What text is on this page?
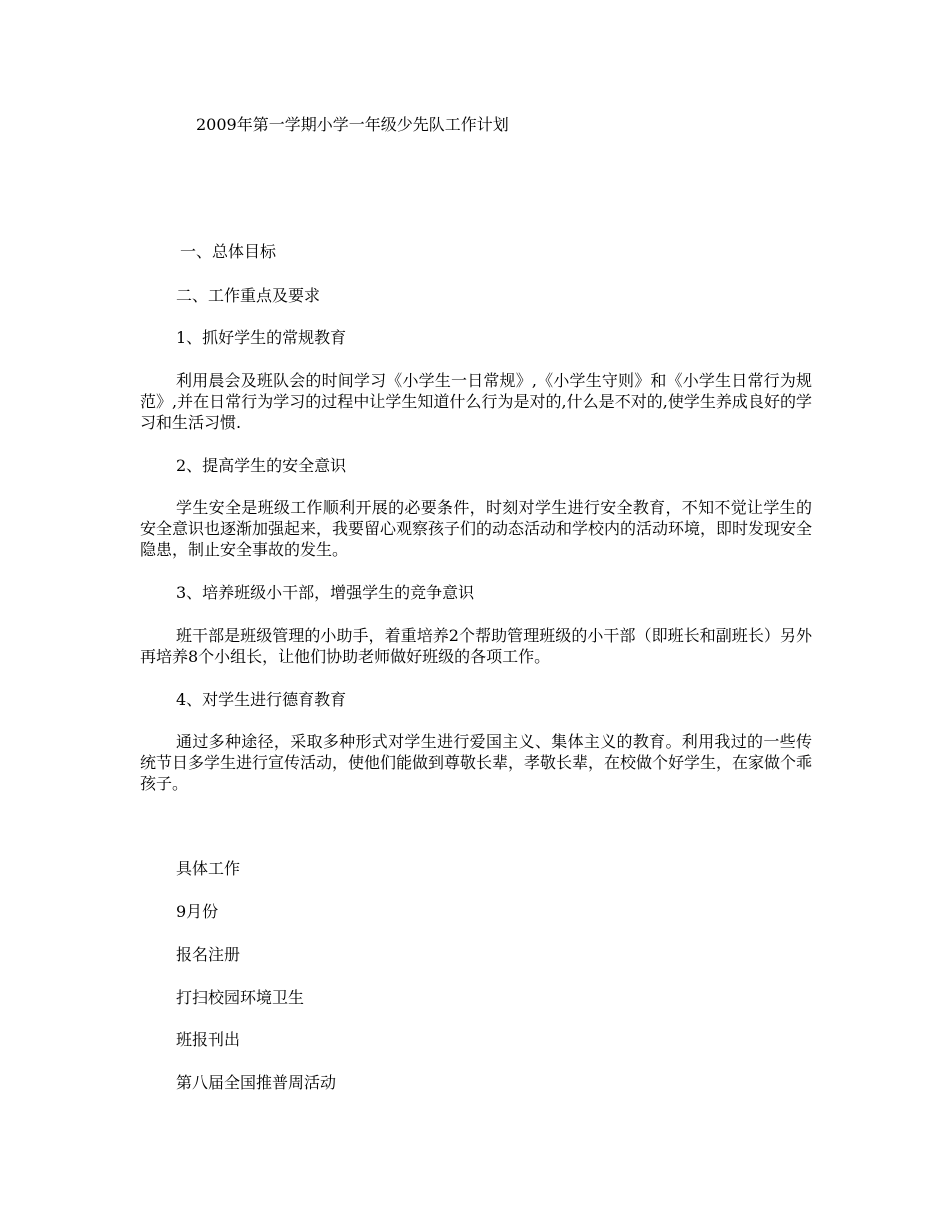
2009年第一学期小学一年级少先队工作计划
一、总体目标
二、工作重点及要求
1、抓好学生的常规教育
利用晨会及班队会的时间学习《小学生一日常规》,《小学生守则》和《小学生日常行为规范》,并在日常行为学习的过程中让学生知道什么行为是对的,什么是不对的,使学生养成良好的学习和生活习惯.
2、提高学生的安全意识
学生安全是班级工作顺利开展的必要条件，时刻对学生进行安全教育，不知不觉让学生的安全意识也逐渐加强起来，我要留心观察孩子们的动态活动和学校内的活动环境，即时发现安全隐患，制止安全事故的发生。
3、培养班级小干部，增强学生的竞争意识
班干部是班级管理的小助手，着重培养2个帮助管理班级的小干部（即班长和副班长）另外再培养8个小组长，让他们协助老师做好班级的各项工作。
4、对学生进行德育教育
通过多种途径，采取多种形式对学生进行爱国主义、集体主义的教育。利用我过的一些传统节日多学生进行宣传活动，使他们能做到尊敬长辈，孝敬长辈，在校做个好学生，在家做个乖孩子。
具体工作
9月份
报名注册
打扫校园环境卫生
班报刊出
第八届全国推普周活动
